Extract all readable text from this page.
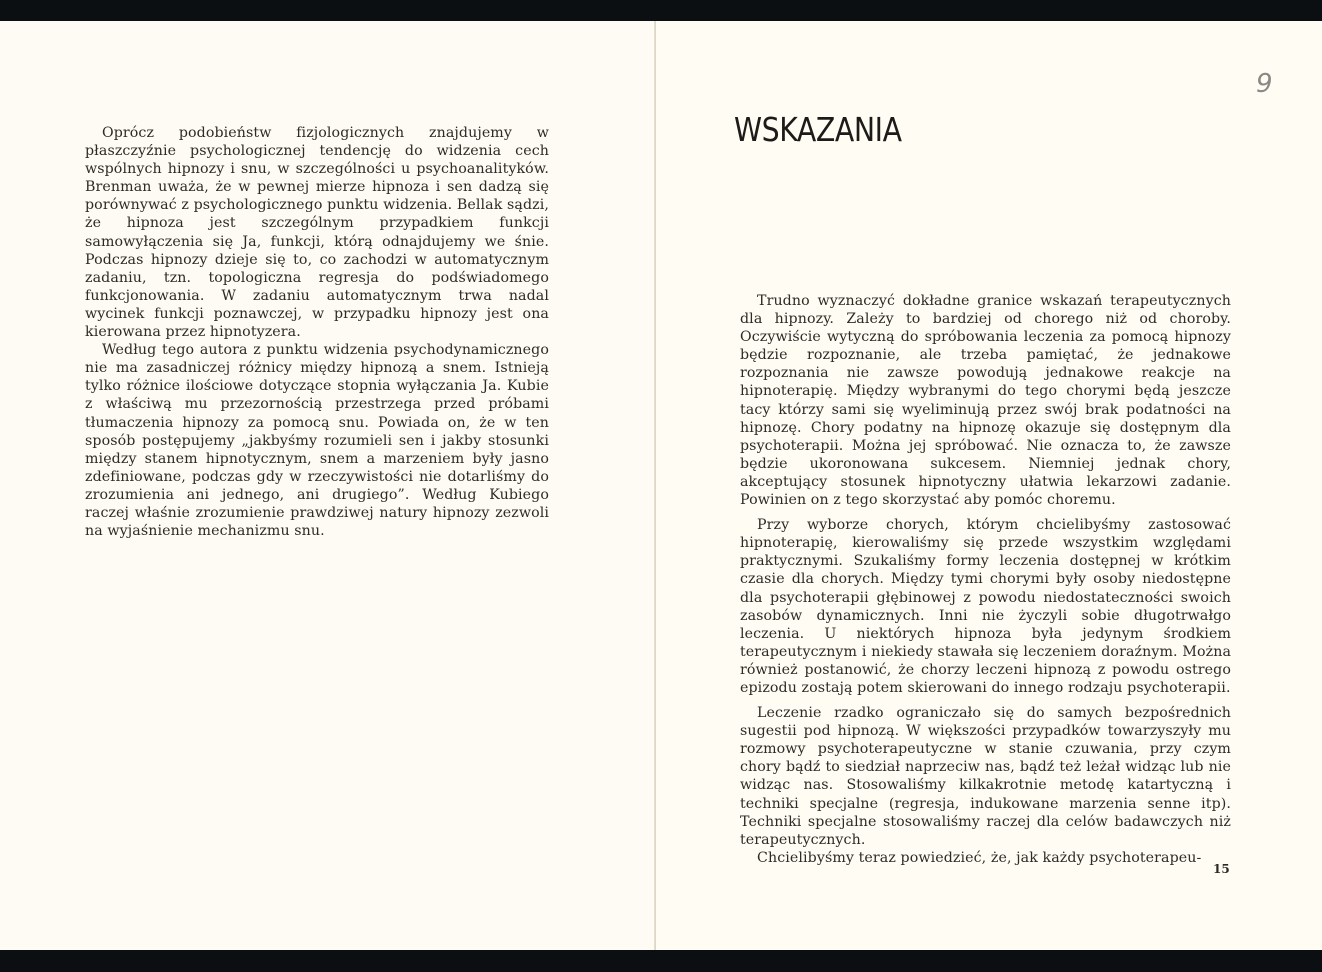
Oprócz podobieństw fizjologicznych znajdujemy w płaszczyźnie psychologicznej tendencję do widzenia cech wspólnych hipnozy i snu, w szczególności u psychoanalityków. Brenman uważa, że w pewnej mierze hipnoza i sen dadzą się porównywać z psychologicznego punktu widzenia. Bellak sądzi, że hipnoza jest szczególnym przypadkiem funkcji samowyłączenia się Ja, funkcji, którą odnajdujemy we śnie. Podczas hipnozy dzieje się to, co zachodzi w automatycznym zadaniu, tzn. topologiczna regresja do podświadomego funkcjonowania. W zadaniu automatycznym trwa nadal wycinek funkcji poznawczej, w przypadku hipnozy jest ona kierowana przez hipnotyzera.

Według tego autora z punktu widzenia psychodynamicznego nie ma zasadniczej różnicy między hipnozą a snem. Istnieją tylko różnice ilościowe dotyczące stopnia wyłączania Ja. Kubie z właściwą mu przezornością przestrzega przed próbami tłumaczenia hipnozy za pomocą snu. Powiada on, że w ten sposób postępujemy „jakbyśmy rozumieli sen i jakby stosunki między stanem hipnotycznym, snem a marzeniem były jasno zdefiniowane, podczas gdy w rzeczywistości nie dotarliśmy do zrozumienia ani jednego, ani drugiego”. Według Kubiego raczej właśnie zrozumienie prawdziwej natury hipnozy zezwoli na wyjaśnienie mechanizmu snu.

9
WSKAZANIA

Trudno wyznaczyć dokładne granice wskazań terapeutycznych dla hipnozy. Zależy to bardziej od chorego niż od choroby. Oczywiście wytyczną do spróbowania leczenia za pomocą hipnozy będzie rozpoznanie, ale trzeba pamiętać, że jednakowe rozpoznania nie zawsze powodują jednakowe reakcje na hipnoterapię. Między wybranymi do tego chorymi będą jeszcze tacy którzy sami się wyeliminują przez swój brak podatności na hipnozę. Chory podatny na hipnozę okazuje się dostępnym dla psychoterapii. Można jej spróbować. Nie oznacza to, że zawsze będzie ukoronowana sukcesem. Niemniej jednak chory, akceptujący stosunek hipnotyczny ułatwia lekarzowi zadanie. Powinien on z tego skorzystać aby pomóc choremu.

Przy wyborze chorych, którym chcielibyśmy zastosować hipnoterapię, kierowaliśmy się przede wszystkim względami praktycznymi. Szukaliśmy formy leczenia dostępnej w krótkim czasie dla chorych. Między tymi chorymi były osoby niedostępne dla psychoterapii głębinowej z powodu niedostateczności swoich zasobów dynamicznych. Inni nie życzyli sobie długotrwałgo leczenia. U niektórych hipnoza była jedynym środkiem terapeutycznym i niekiedy stawała się leczeniem doraźnym. Można również postanowić, że chorzy leczeni hipnozą z powodu ostrego epizodu zostają potem skierowani do innego rodzaju psychoterapii.

Leczenie rzadko ograniczało się do samych bezpośrednich sugestii pod hipnozą. W większości przypadków towarzyszyły mu rozmowy psychoterapeutyczne w stanie czuwania, przy czym chory bądź to siedział naprzeciw nas, bądź też leżał widząc lub nie widząc nas. Stosowaliśmy kilkakrotnie metodę katartyczną i techniki specjalne (regresja, indukowane marzenia senne itp). Techniki specjalne stosowaliśmy raczej dla celów badawczych niż terapeutycznych.

Chcielibyśmy teraz powiedzieć, że, jak każdy psychoterapeu-

15
